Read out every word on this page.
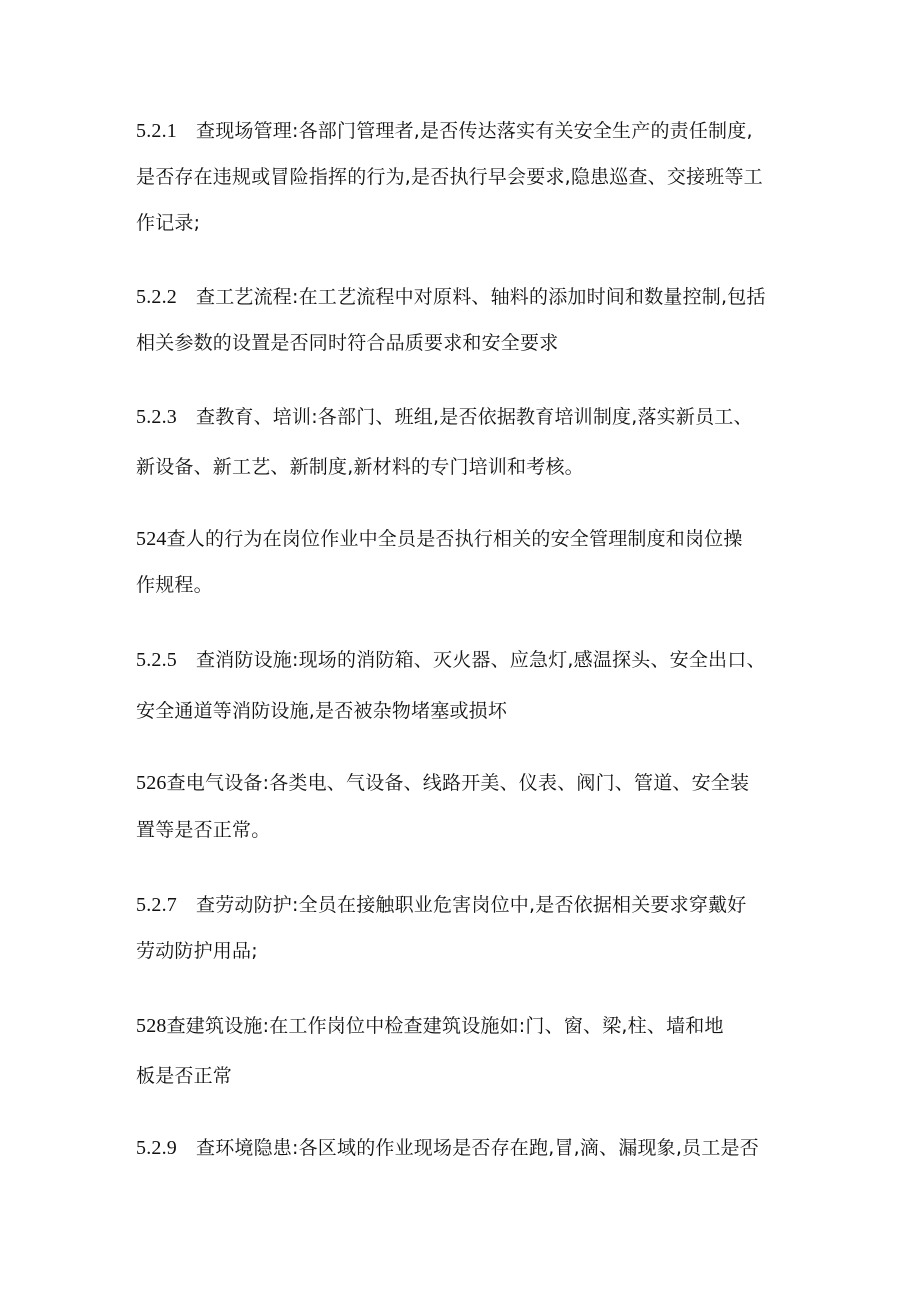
5.2.1 查现场管理:各部门管理者,是否传达落实有关安全生产的责任制度,
是否存在违规或冒险指挥的行为,是否执行早会要求,隐患巡查、交接班等工
作记录;
5.2.2 查工艺流程:在工艺流程中对原料、轴料的添加时间和数量控制,包括
相关参数的设置是否同时符合品质要求和安全要求
5.2.3 查教育、培训:各部门、班组,是否依据教育培训制度,落实新员工、
新设备、新工艺、新制度,新材料的专门培训和考核。
524查人的行为在岗位作业中全员是否执行相关的安全管理制度和岗位操
作规程。
5.2.5 查消防设施:现场的消防箱、灭火器、应急灯,感温探头、安全出口、
安全通道等消防设施,是否被杂物堵塞或损坏
526查电气设备:各类电、气设备、线路开美、仪表、阀门、管道、安全装
置等是否正常。
5.2.7 查劳动防护:全员在接触职业危害岗位中,是否依据相关要求穿戴好
劳动防护用品;
528查建筑设施:在工作岗位中检查建筑设施如:门、窗、梁,柱、墙和地
板是否正常
5.2.9 查环境隐患:各区域的作业现场是否存在跑,冒,滴、漏现象,员工是否
